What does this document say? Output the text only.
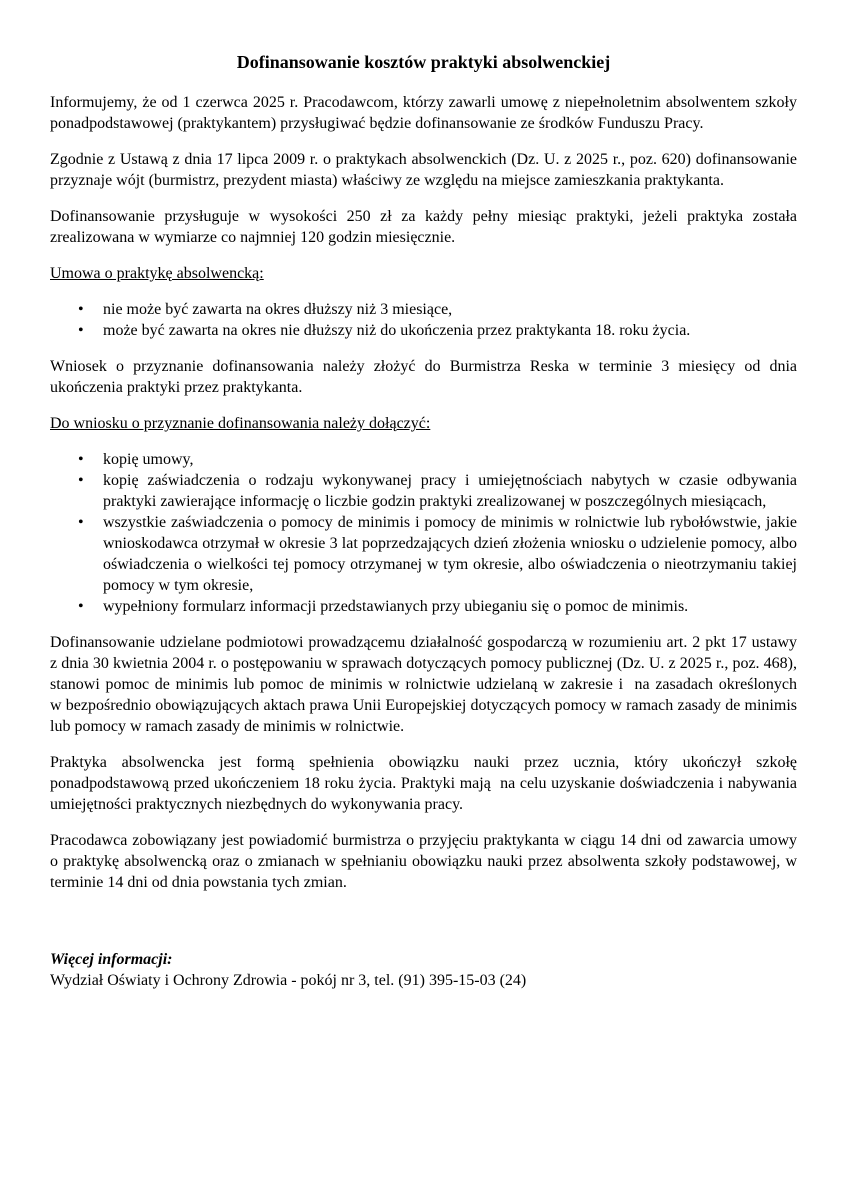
Dofinansowanie kosztów praktyki absolwenckiej

Informujemy, że od 1 czerwca 2025 r. Pracodawcom, którzy zawarli umowę z niepełnoletnim absolwentem szkoły ponadpodstawowej (praktykantem) przysługiwać będzie dofinansowanie ze środków Funduszu Pracy.

Zgodnie z Ustawą z dnia 17 lipca 2009 r. o praktykach absolwenckich (Dz. U. z 2025 r., poz. 620) dofinansowanie przyznaje wójt (burmistrz, prezydent miasta) właściwy ze względu na miejsce zamieszkania praktykanta.

Dofinansowanie przysługuje w wysokości 250 zł za każdy pełny miesiąc praktyki, jeżeli praktyka została zrealizowana w wymiarze co najmniej 120 godzin miesięcznie.

Umowa o praktykę absolwencką:
• nie może być zawarta na okres dłuższy niż 3 miesiące,
• może być zawarta na okres nie dłuższy niż do ukończenia przez praktykanta 18. roku życia.

Wniosek o przyznanie dofinansowania należy złożyć do Burmistrza Reska w terminie 3 miesięcy od dnia ukończenia praktyki przez praktykanta.

Do wniosku o przyznanie dofinansowania należy dołączyć:
• kopię umowy,
• kopię zaświadczenia o rodzaju wykonywanej pracy i umiejętnościach nabytych w czasie odbywania praktyki zawierające informację o liczbie godzin praktyki zrealizowanej w poszczególnych miesiącach,
• wszystkie zaświadczenia o pomocy de minimis i pomocy de minimis w rolnictwie lub rybołówstwie, jakie wnioskodawca otrzymał w okresie 3 lat poprzedzających dzień złożenia wniosku o udzielenie pomocy, albo oświadczenia o wielkości tej pomocy otrzymanej w tym okresie, albo oświadczenia o nieotrzymaniu takiej pomocy w tym okresie,
• wypełniony formularz informacji przedstawianych przy ubieganiu się o pomoc de minimis.

Dofinansowanie udzielane podmiotowi prowadzącemu działalność gospodarczą w rozumieniu art. 2 pkt 17 ustawy z dnia 30 kwietnia 2004 r. o postępowaniu w sprawach dotyczących pomocy publicznej (Dz. U. z 2025 r., poz. 468), stanowi pomoc de minimis lub pomoc de minimis w rolnictwie udzielaną w zakresie i  na zasadach określonych w bezpośrednio obowiązujących aktach prawa Unii Europejskiej dotyczących pomocy w ramach zasady de minimis lub pomocy w ramach zasady de minimis w rolnictwie.

Praktyka absolwencka jest formą spełnienia obowiązku nauki przez ucznia, który ukończył szkołę ponadpodstawową przed ukończeniem 18 roku życia. Praktyki mają  na celu uzyskanie doświadczenia i nabywania umiejętności praktycznych niezbędnych do wykonywania pracy.

Pracodawca zobowiązany jest powiadomić burmistrza o przyjęciu praktykanta w ciągu 14 dni od zawarcia umowy o praktykę absolwencką oraz o zmianach w spełnianiu obowiązku nauki przez absolwenta szkoły podstawowej, w terminie 14 dni od dnia powstania tych zmian.

Więcej informacji:
Wydział Oświaty i Ochrony Zdrowia - pokój nr 3, tel. (91) 395-15-03 (24)
